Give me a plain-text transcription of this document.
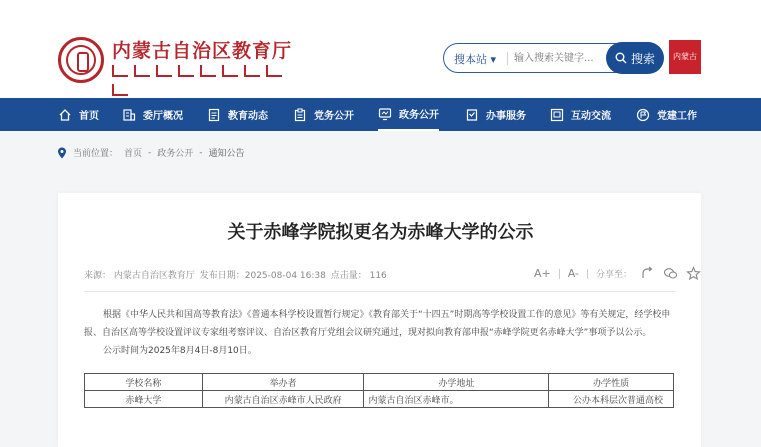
内蒙古自治区教育厅	搜本站 ▾
输入搜索关键字...	搜索	内蒙古
首页	委厅概况	教育动态	党务公开	政务公开	办事服务	互动交流	党建工作
当前位置： 首页 - 政务公开 - 通知公告
关于赤峰学院拟更名为赤峰大学的公示
来源： 内蒙古自治区教育厅 发布日期：2025-08-04 16:38 点击量： 116	A+ A- 分享至：
根据《中华人民共和国高等教育法》《普通本科学校设置暂行规定》《教育部关于“十四五”时期高等学校设置工作的意见》等有关规定，经学校申
报、自治区高等学校设置评议专家组考察评议、自治区教育厅党组会议研究通过，现对拟向教育部申报“赤峰学院更名赤峰大学”事项予以公示。
公示时间为2025年8月4日-8月10日。
学校名称	举办者	办学地址	办学性质
赤峰大学	内蒙古自治区赤峰市人民政府	内蒙古自治区赤峰市。	公办本科层次普通高校
